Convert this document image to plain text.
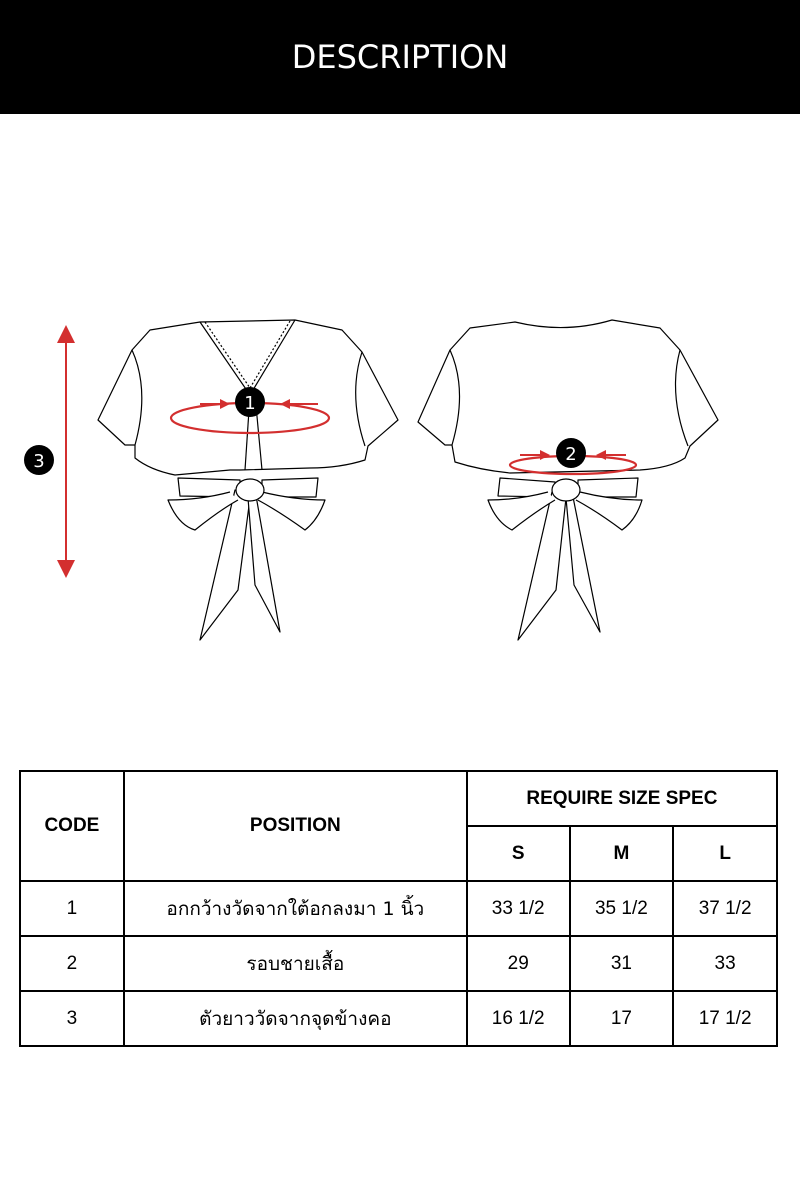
DESCRIPTION
1
2
3
CODE	POSITION	REQUIRE SIZE SPEC		
		S	M	L
1	อกกว้างวัดจากใต้อกลงมา 1 นิ้ว	33 1/2	35 1/2	37 1/2
2	รอบชายเสื้อ	29	31	33
3	ตัวยาววัดจากจุดข้างคอ	16 1/2	17	17 1/2
